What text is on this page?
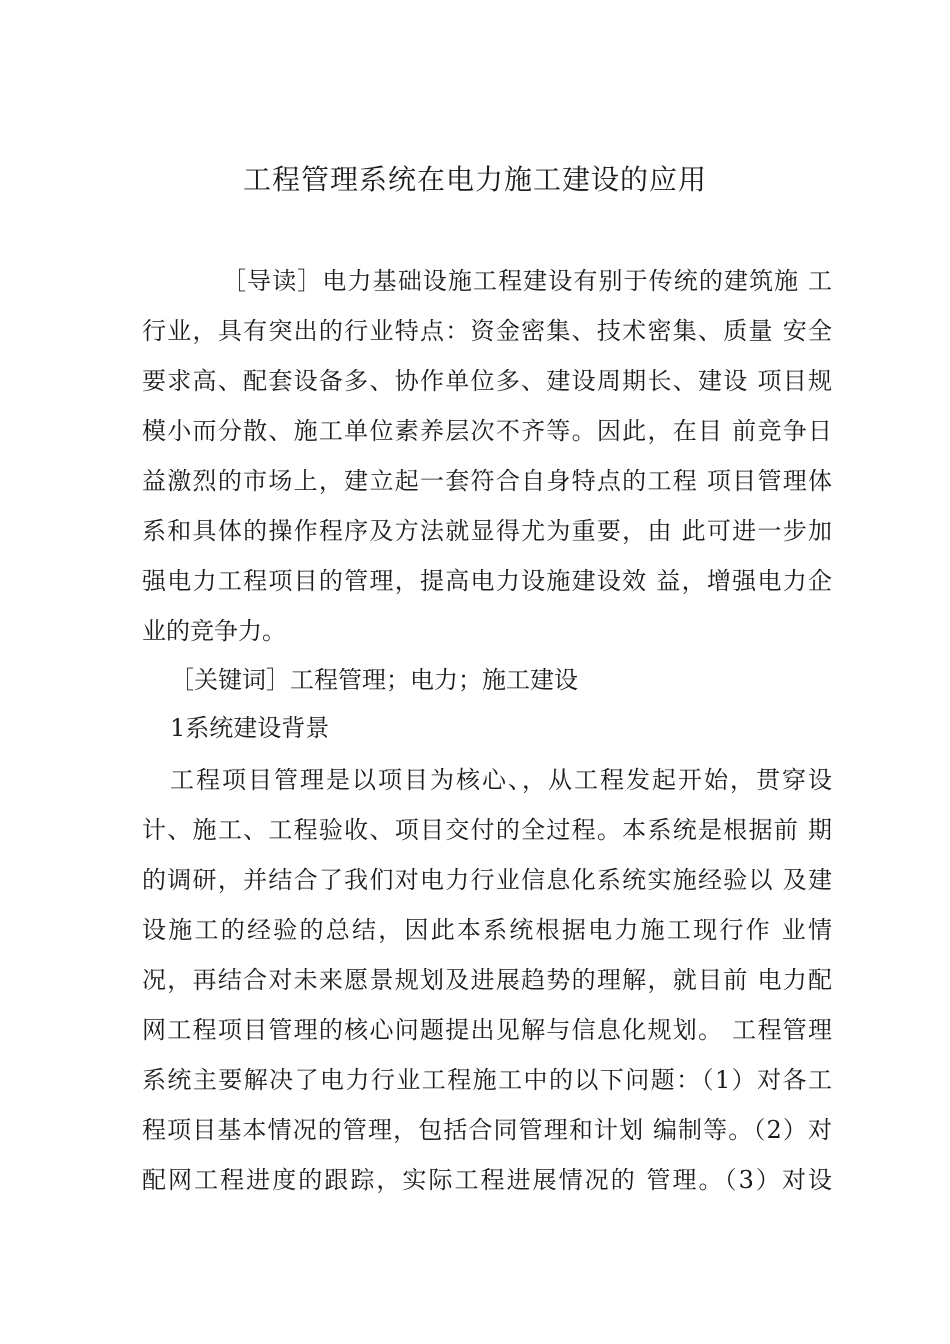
工程管理系统在电力施工建设的应用
［导读］电力基础设施工程建设有别于传统的建筑施 工
行业，具有突出的行业特点：资金密集、技术密集、质量 安全
要求高、配套设备多、协作单位多、建设周期长、建设 项目规
模小而分散、施工单位素养层次不齐等。因此，在目 前竞争日
益激烈的市场上，建立起一套符合自身特点的工程 项目管理体
系和具体的操作程序及方法就显得尤为重要，由 此可进一步加
强电力工程项目的管理，提高电力设施建设效 益，增强电力企
业的竞争力。
［关键词］工程管理；电力；施工建设
1系统建设背景
工程项目管理是以项目为核心、，从工程发起开始，贯穿设
计、施工、工程验收、项目交付的全过程。本系统是根据前 期
的调研，并结合了我们对电力行业信息化系统实施经验以 及建
设施工的经验的总结，因此本系统根据电力施工现行作 业情
况，再结合对未来愿景规划及进展趋势的理解，就目前 电力配
网工程项目管理的核心问题提出见解与信息化规划。 工程管理
系统主要解决了电力行业工程施工中的以下问题：（1）对各工
程项目基本情况的管理，包括合同管理和计划 编制等。（2）对
配网工程进度的跟踪，实际工程进展情况的 管理。（3）对设
